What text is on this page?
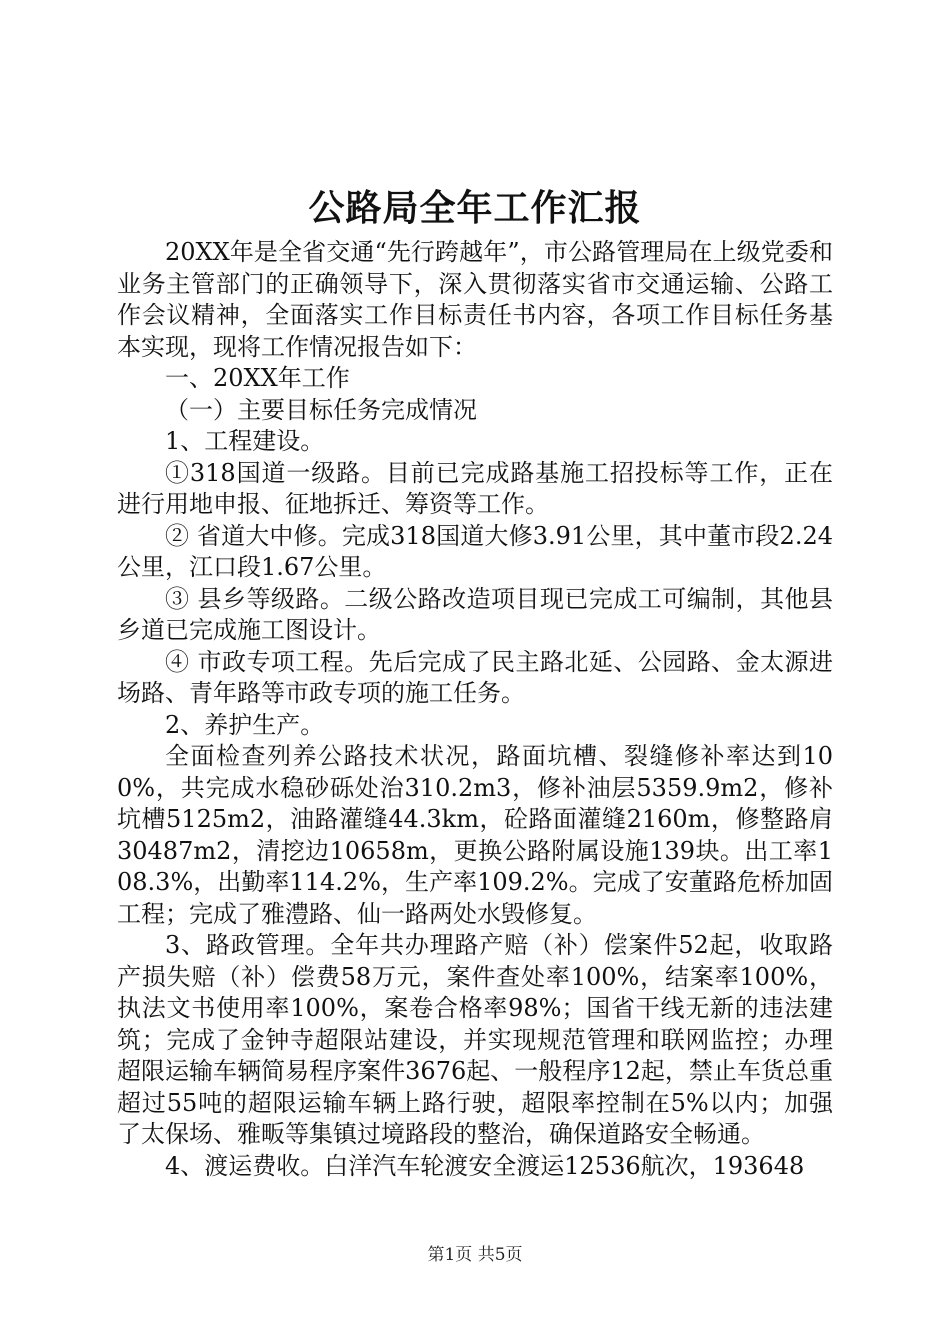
公路局全年工作汇报

20XX年是全省交通“先行跨越年”，市公路管理局在上级党委和业务主管部门的正确领导下，深入贯彻落实省市交通运输、公路工作会议精神，全面落实工作目标责任书内容，各项工作目标任务基本实现，现将工作情况报告如下：

一、20XX年工作

（一）主要目标任务完成情况

1、工程建设。

①318国道一级路。目前已完成路基施工招投标等工作，正在进行用地申报、征地拆迁、筹资等工作。

② 省道大中修。完成318国道大修3.91公里，其中董市段2.24公里，江口段1.67公里。

③ 县乡等级路。二级公路改造项目现已完成工可编制，其他县乡道已完成施工图设计。

④ 市政专项工程。先后完成了民主路北延、公园路、金太源进场路、青年路等市政专项的施工任务。

2、养护生产。

全面检查列养公路技术状况，路面坑槽、裂缝修补率达到100%，共完成水稳砂砾处治310.2m3，修补油层5359.9m2，修补坑槽5125m2，油路灌缝44.3km，砼路面灌缝2160m，修整路肩30487m2，清挖边10658m，更换公路附属设施139块。出工率108.3%，出勤率114.2%，生产率109.2%。完成了安董路危桥加固工程；完成了雅澧路、仙一路两处水毁修复。

3、路政管理。全年共办理路产赔（补）偿案件52起，收取路产损失赔（补）偿费58万元，案件查处率100%，结案率100%，执法文书使用率100%，案卷合格率98%；国省干线无新的违法建筑；完成了金钟寺超限站建设，并实现规范管理和联网监控；办理超限运输车辆简易程序案件3676起、一般程序12起，禁止车货总重超过55吨的超限运输车辆上路行驶，超限率控制在5%以内；加强了太保场、雅畈等集镇过境路段的整治，确保道路安全畅通。

4、渡运费收。白洋汽车轮渡安全渡运12536航次，193648

第1页 共5页
